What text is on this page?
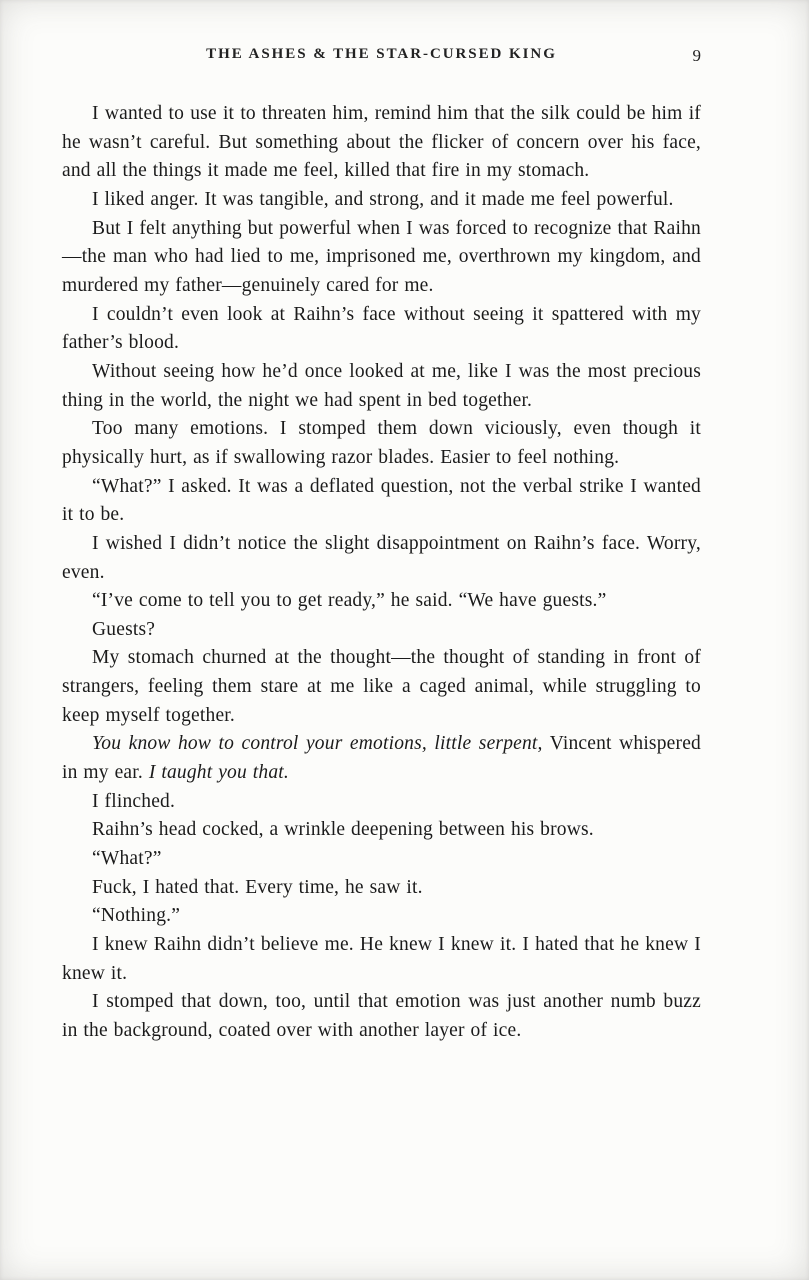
THE ASHES & THE STAR-CURSED KING	9

I wanted to use it to threaten him, remind him that the silk could be him if he wasn’t careful. But something about the flicker of concern over his face, and all the things it made me feel, killed that fire in my stomach.

I liked anger. It was tangible, and strong, and it made me feel powerful.

But I felt anything but powerful when I was forced to recognize that Raihn—the man who had lied to me, imprisoned me, overthrown my kingdom, and murdered my father—genuinely cared for me.

I couldn’t even look at Raihn’s face without seeing it spattered with my father’s blood.

Without seeing how he’d once looked at me, like I was the most precious thing in the world, the night we had spent in bed together.

Too many emotions. I stomped them down viciously, even though it physically hurt, as if swallowing razor blades. Easier to feel nothing.

“What?” I asked. It was a deflated question, not the verbal strike I wanted it to be.

I wished I didn’t notice the slight disappointment on Raihn’s face. Worry, even.

“I’ve come to tell you to get ready,” he said. “We have guests.”

Guests?

My stomach churned at the thought—the thought of standing in front of strangers, feeling them stare at me like a caged animal, while struggling to keep myself together.

You know how to control your emotions, little serpent, Vincent whispered in my ear. I taught you that.

I flinched.

Raihn’s head cocked, a wrinkle deepening between his brows.

“What?”

Fuck, I hated that. Every time, he saw it.

“Nothing.”

I knew Raihn didn’t believe me. He knew I knew it. I hated that he knew I knew it.

I stomped that down, too, until that emotion was just another numb buzz in the background, coated over with another layer of ice.
